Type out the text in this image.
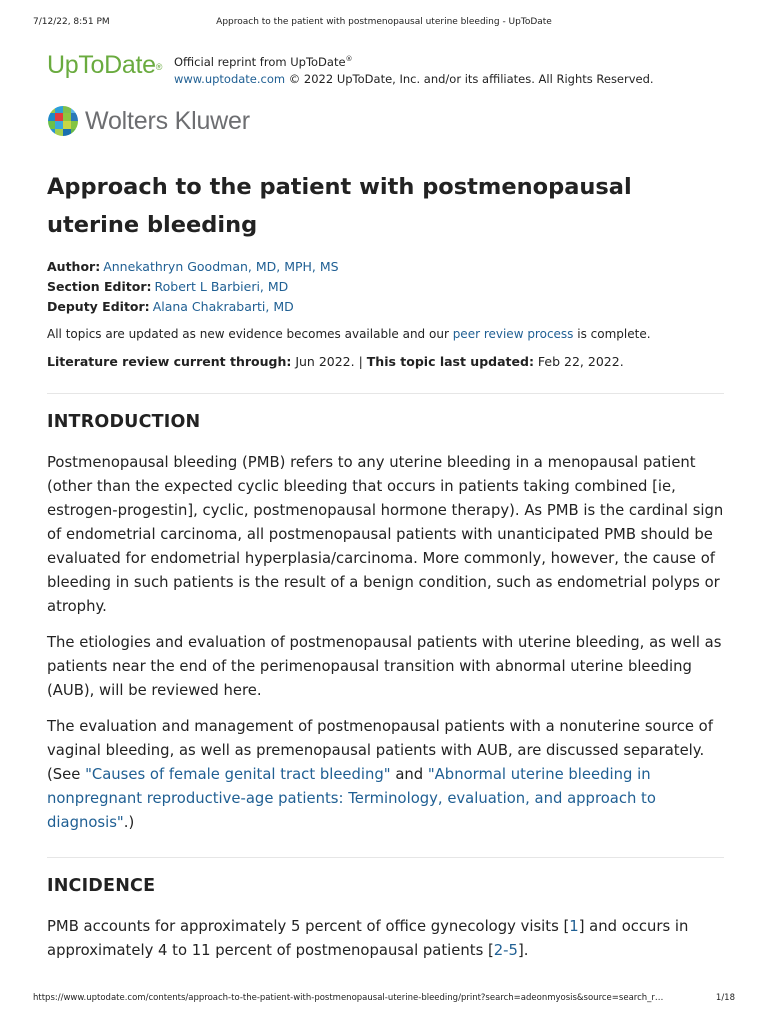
7/12/22, 8:51 PM	Approach to the patient with postmenopausal uterine bleeding - UpToDate
UpToDate® Official reprint from UpToDate®
www.uptodate.com © 2022 UpToDate, Inc. and/or its affiliates. All Rights Reserved.
Wolters Kluwer
Approach to the patient with postmenopausal uterine bleeding
Author: Annekathryn Goodman, MD, MPH, MS
Section Editor: Robert L Barbieri, MD
Deputy Editor: Alana Chakrabarti, MD
All topics are updated as new evidence becomes available and our peer review process is complete.
Literature review current through: Jun 2022. | This topic last updated: Feb 22, 2022.
INTRODUCTION

Postmenopausal bleeding (PMB) refers to any uterine bleeding in a menopausal patient (other than the expected cyclic bleeding that occurs in patients taking combined [ie, estrogen-progestin], cyclic, postmenopausal hormone therapy). As PMB is the cardinal sign of endometrial carcinoma, all postmenopausal patients with unanticipated PMB should be evaluated for endometrial hyperplasia/carcinoma. More commonly, however, the cause of bleeding in such patients is the result of a benign condition, such as endometrial polyps or atrophy.

The etiologies and evaluation of postmenopausal patients with uterine bleeding, as well as patients near the end of the perimenopausal transition with abnormal uterine bleeding (AUB), will be reviewed here.

The evaluation and management of postmenopausal patients with a nonuterine source of vaginal bleeding, as well as premenopausal patients with AUB, are discussed separately. (See "Causes of female genital tract bleeding" and "Abnormal uterine bleeding in nonpregnant reproductive-age patients: Terminology, evaluation, and approach to diagnosis".)

INCIDENCE

PMB accounts for approximately 5 percent of office gynecology visits [1] and occurs in approximately 4 to 11 percent of postmenopausal patients [2-5].

https://www.uptodate.com/contents/approach-to-the-patient-with-postmenopausal-uterine-bleeding/print?search=adeonmyosis&source=search_r…	1/18
